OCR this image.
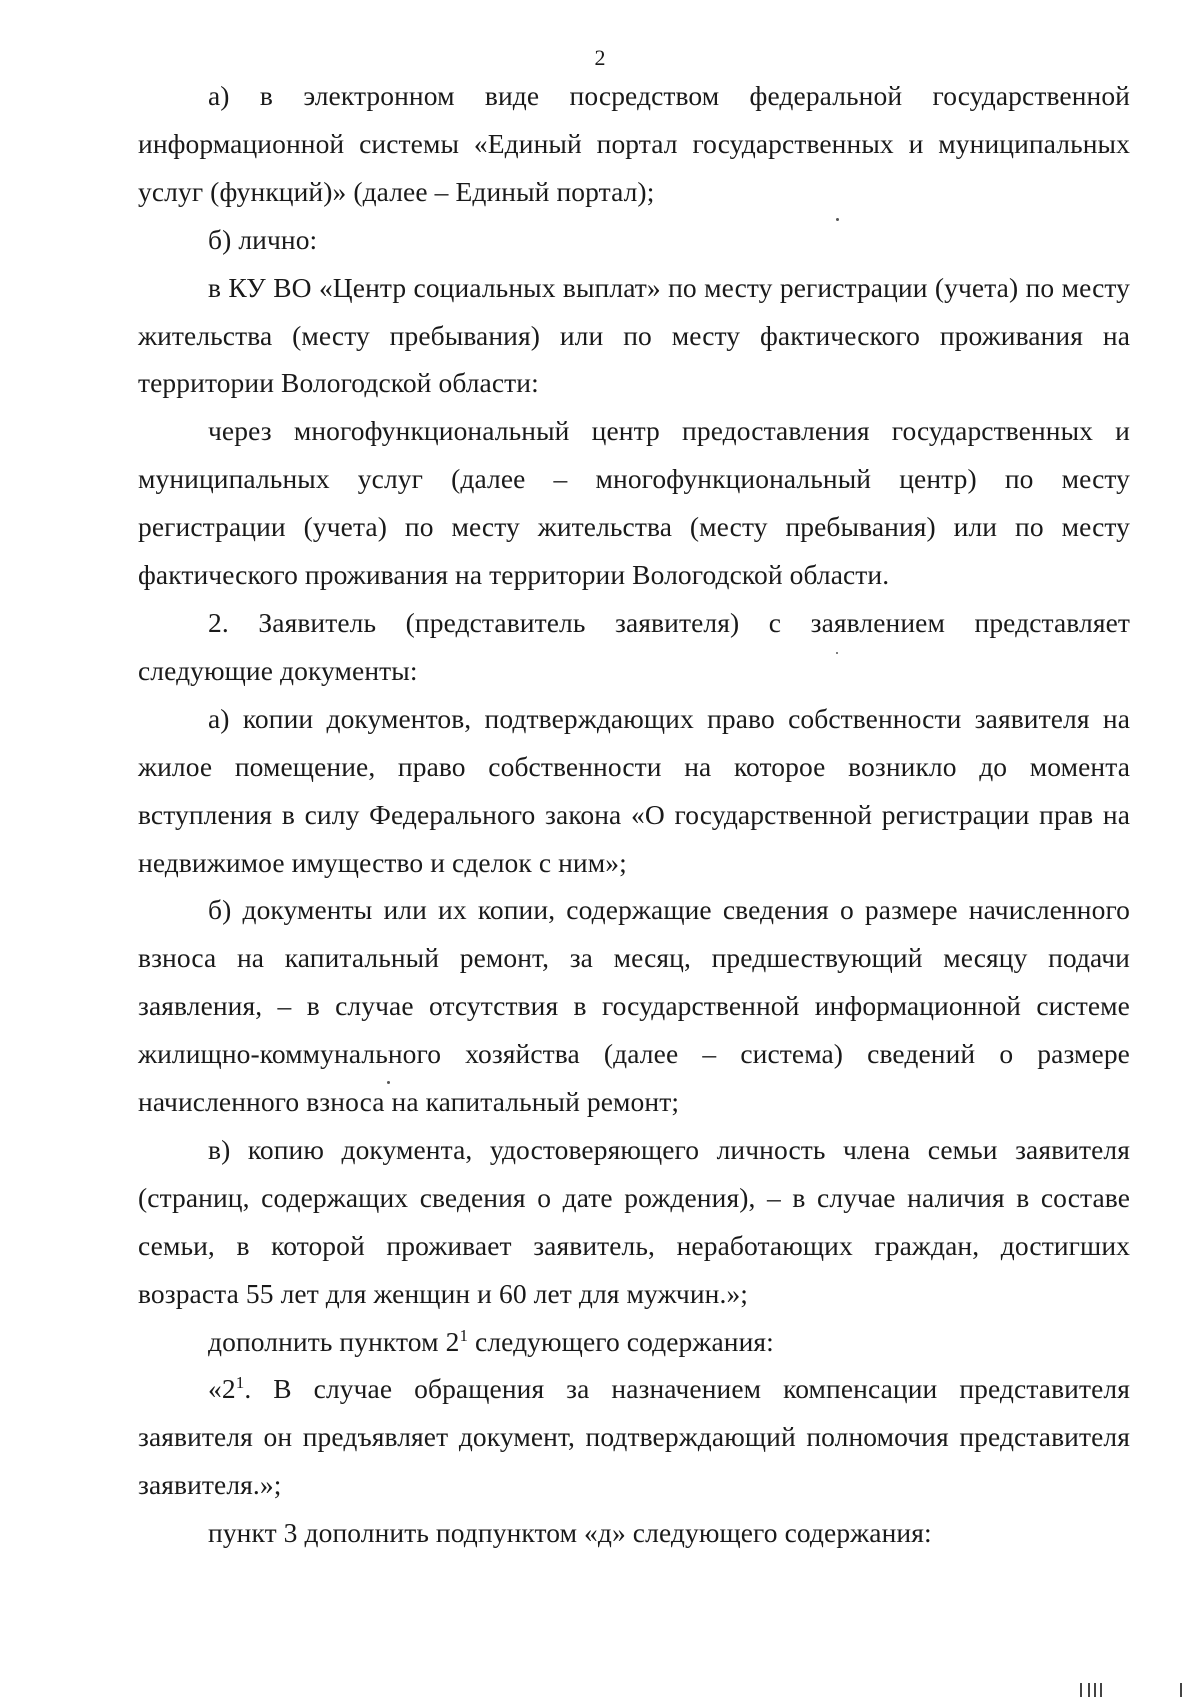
2

а) в электронном виде посредством федеральной государственной информационной системы «Единый портал государственных и муниципальных услуг (функций)» (далее – Единый портал);

б) лично:

в КУ ВО «Центр социальных выплат» по месту регистрации (учета) по месту жительства (месту пребывания) или по месту фактического проживания на территории Вологодской области:

через многофункциональный центр предоставления государственных и муниципальных услуг (далее – многофункциональный центр) по месту регистрации (учета) по месту жительства (месту пребывания) или по месту фактического проживания на территории Вологодской области.

2. Заявитель (представитель заявителя) с заявлением представляет следующие документы:

а) копии документов, подтверждающих право собственности заявителя на жилое помещение, право собственности на которое возникло до момента вступления в силу Федерального закона «О государственной регистрации прав на недвижимое имущество и сделок с ним»;

б) документы или их копии, содержащие сведения о размере начисленного взноса на капитальный ремонт, за месяц, предшествующий месяцу подачи заявления, – в случае отсутствия в государственной информационной системе жилищно-коммунального хозяйства (далее – система) сведений о размере начисленного взноса на капитальный ремонт;

в) копию документа, удостоверяющего личность члена семьи заявителя (страниц, содержащих сведения о дате рождения), – в случае наличия в составе семьи, в которой проживает заявитель, неработающих граждан, достигших возраста 55 лет для женщин и 60 лет для мужчин.»;

дополнить пунктом $2^1$ следующего содержания:

«$2^1$. В случае обращения за назначением компенсации представителя заявителя он предъявляет документ, подтверждающий полномочия представителя заявителя.»;

пункт 3 дополнить подпунктом «д» следующего содержания:
